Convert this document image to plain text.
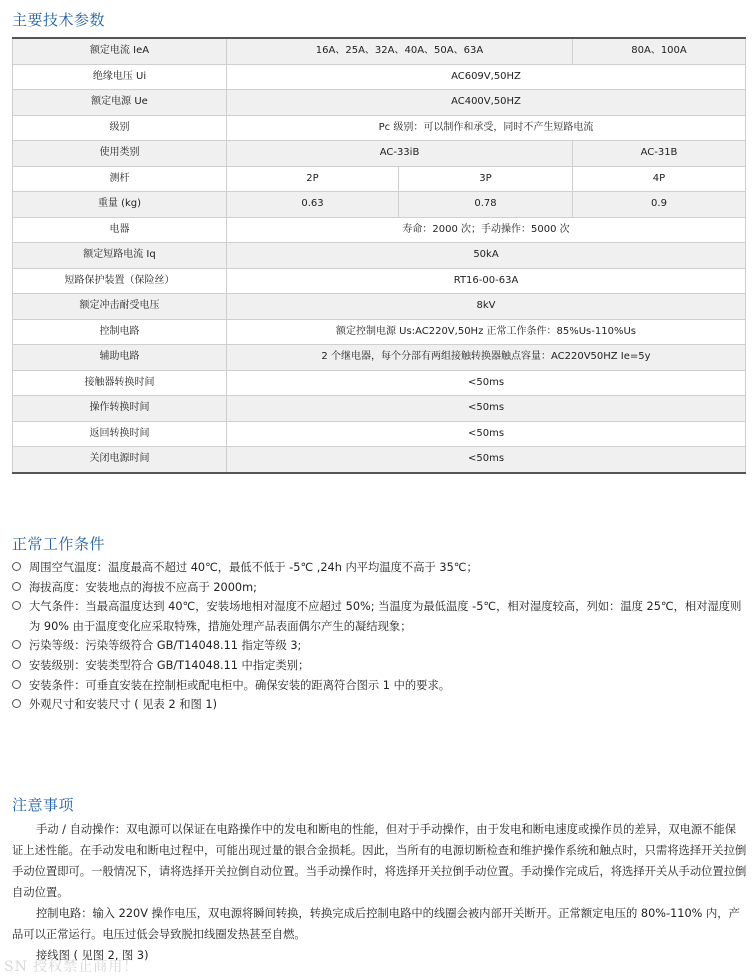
主要技术参数
额定电流 IeA	16A、25A、32A、40A、50A、63A		80A、100A
绝缘电压 Ui	AC609V,50HZ		
额定电源 Ue	AC400V,50HZ		
级别	Pc 级别：可以制作和承受，同时不产生短路电流		
使用类别	AC-33iB		AC-31B
测杆	2P	3P	4P
重量 (kg)	0.63	0.78	0.9
电器	寿命：2000 次；手动操作：5000 次		
额定短路电流 Iq	50kA		
短路保护装置（保险丝）	RT16-00-63A		
额定冲击耐受电压	8kV		
控制电路	额定控制电源 Us:AC220V,50Hz 正常工作条件：85%Us-110%Us		
辅助电路	2 个继电器，每个分部有两组接触转换器触点容量：AC220V50HZ Ie=5y		
接触器转换时间	<50ms		
操作转换时间	<50ms		
返回转换时间	<50ms		
关闭电源时间	<50ms		
正常工作条件
周围空气温度：温度最高不超过 40℃，最低不低于 -5℃ ,24h 内平均温度不高于 35℃；
海拔高度：安装地点的海拔不应高于 2000m;
大气条件：当最高温度达到 40℃，安装场地相对湿度不应超过 50%; 当温度为最低温度 -5℃，相对湿度较高，列如：温度 25℃，相对湿度则为 90% 由于温度变化应采取特殊，措施处理产品表面偶尔产生的凝结现象；
污染等级：污染等级符合 GB/T14048.11 指定等级 3;
安装级别：安装类型符合 GB/T14048.11 中指定类别；
安装条件：可垂直安装在控制柜或配电柜中。确保安装的距离符合图示 1 中的要求。
外观尺寸和安装尺寸 ( 见表 2 和图 1)
注意事项

手动 / 自动操作：双电源可以保证在电路操作中的发电和断电的性能，但对于手动操作，由于发电和断电速度或操作员的差异，双电源不能保证上述性能。在手动发电和断电过程中，可能出现过量的银合金损耗。因此，当所有的电源切断检查和维护操作系统和触点时，只需将选择开关拉倒手动位置即可。一般情况下，请将选择开关拉倒自动位置。当手动操作时，将选择开关拉倒手动位置。手动操作完成后，将选择开关从手动位置拉倒自动位置。

控制电路：输入 220V 操作电压，双电源将瞬间转换，转换完成后控制电路中的线圈会被内部开关断开。正常额定电压的 80%-110% 内，产品可以正常运行。电压过低会导致脱扣线圈发热甚至自燃。

接线图 ( 见图 2, 图 3)

SN 授权禁止商用！
